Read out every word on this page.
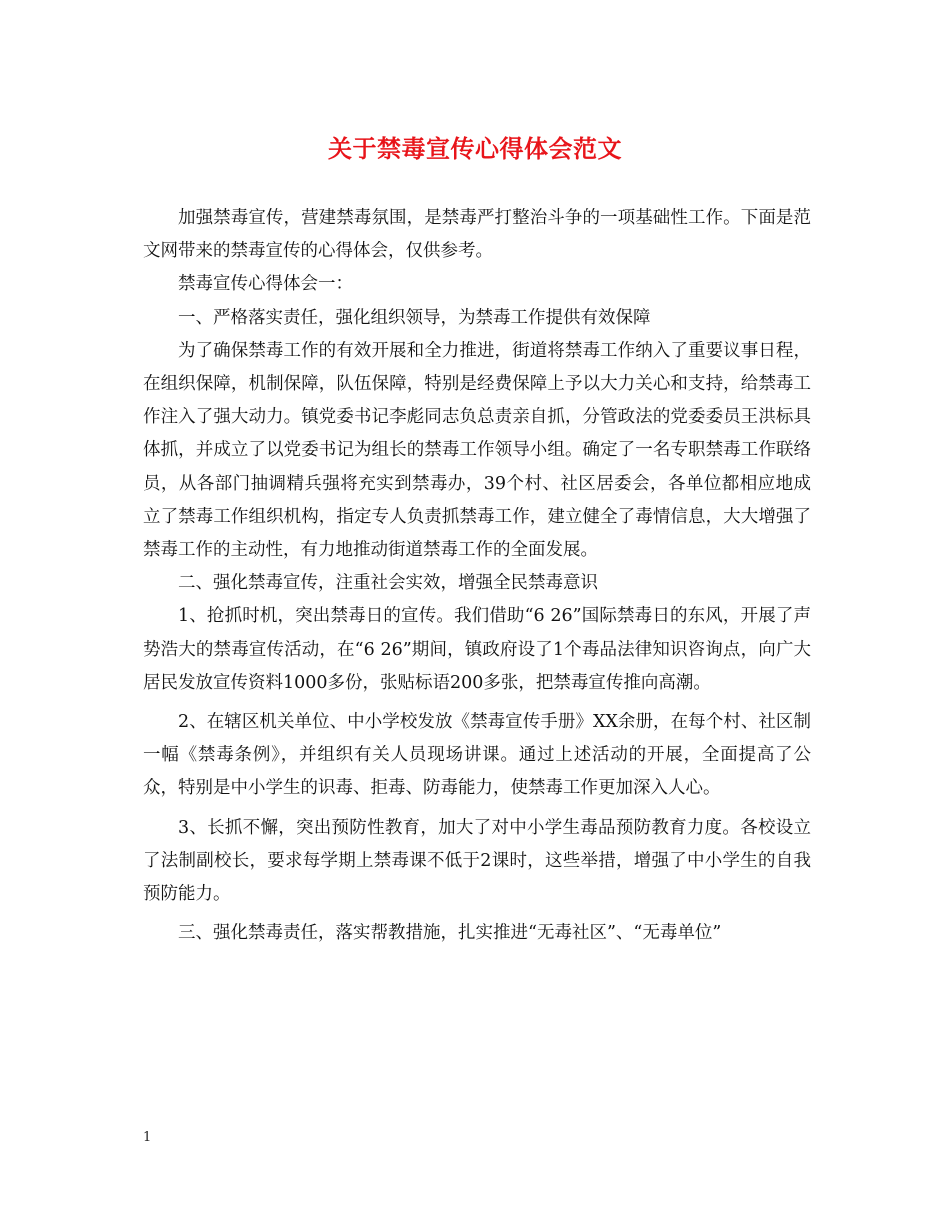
关于禁毒宣传心得体会范文

加强禁毒宣传，营建禁毒氛围，是禁毒严打整治斗争的一项基础性工作。下面是范文网带来的禁毒宣传的心得体会，仅供参考。

禁毒宣传心得体会一：

一、严格落实责任，强化组织领导，为禁毒工作提供有效保障

为了确保禁毒工作的有效开展和全力推进，街道将禁毒工作纳入了重要议事日程，在组织保障，机制保障，队伍保障，特别是经费保障上予以大力关心和支持，给禁毒工作注入了强大动力。镇党委书记李彪同志负总责亲自抓，分管政法的党委委员王洪标具体抓，并成立了以党委书记为组长的禁毒工作领导小组。确定了一名专职禁毒工作联络员，从各部门抽调精兵强将充实到禁毒办，39个村、社区居委会，各单位都相应地成立了禁毒工作组织机构，指定专人负责抓禁毒工作，建立健全了毒情信息，大大增强了禁毒工作的主动性，有力地推动街道禁毒工作的全面发展。

二、强化禁毒宣传，注重社会实效，增强全民禁毒意识

1、抢抓时机，突出禁毒日的宣传。我们借助“6 26”国际禁毒日的东风，开展了声势浩大的禁毒宣传活动，在“6 26”期间，镇政府设了1个毒品法律知识咨询点，向广大居民发放宣传资料1000多份，张贴标语200多张，把禁毒宣传推向高潮。

2、在辖区机关单位、中小学校发放《禁毒宣传手册》XX余册，在每个村、社区制一幅《禁毒条例》，并组织有关人员现场讲课。通过上述活动的开展，全面提高了公众，特别是中小学生的识毒、拒毒、防毒能力，使禁毒工作更加深入人心。

3、长抓不懈，突出预防性教育，加大了对中小学生毒品预防教育力度。各校设立了法制副校长，要求每学期上禁毒课不低于2课时，这些举措，增强了中小学生的自我预防能力。

三、强化禁毒责任，落实帮教措施，扎实推进“无毒社区”、“无毒单位”

1
